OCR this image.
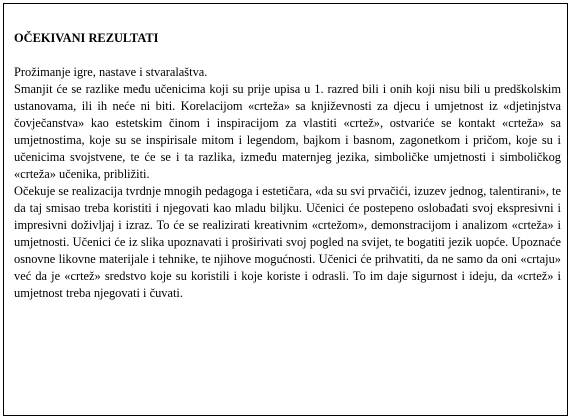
OČEKIVANI REZULTATI

Prožimanje igre, nastave i stvaralaštva.

Smanjit će se razlike među učenicima koji su prije upisa u 1. razred bili i onih koji nisu bili u predškolskim ustanovama, ili ih neće ni biti. Korelacijom «crteža» sa književnosti za djecu i umjetnost iz «djetinjstva čovječanstva» kao estetskim činom i inspiracijom za vlastiti «crtež», ostvariće se kontakt «crteža» sa umjetnostima, koje su se inspirisale mitom i legendom, bajkom i basnom, zagonetkom i pričom, koje su i učenicima svojstvene, te će se i ta razlika, između maternjeg jezika, simboličke umjetnosti i simboličkog «crteža» učenika, približiti.

Očekuje se realizacija tvrdnje mnogih pedagoga i estetičara, «da su svi prvačići, izuzev jednog, talentirani», te da taj smisao treba koristiti i njegovati kao mladu biljku. Učenici će postepeno oslobađati svoj ekspresivni i impresivni doživljaj i izraz. To će se realizirati kreativnim «crtežom», demonstracijom i analizom «crteža» i umjetnosti. Učenici će iz slika upoznavati i proširivati svoj pogled na svijet, te bogatiti jezik uopće. Upoznaće osnovne likovne materijale i tehnike, te njihove mogućnosti. Učenici će prihvatiti, da ne samo da oni «crtaju» već da je «crtež» sredstvo koje su koristili i koje koriste i odrasli. To im daje sigurnost i ideju, da «crtež» i umjetnost treba njegovati i čuvati.
